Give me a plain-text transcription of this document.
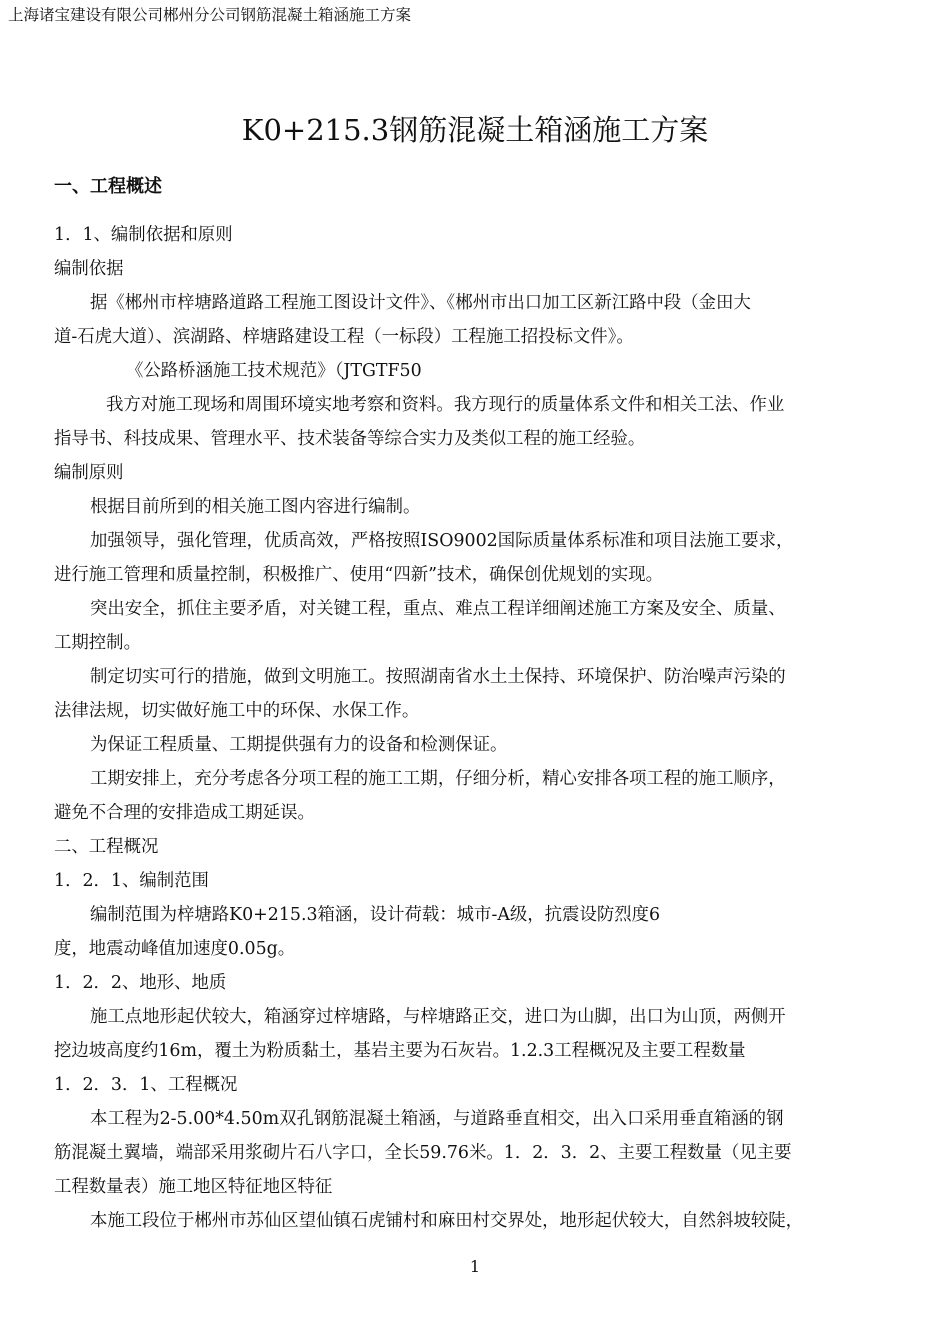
上海诸宝建设有限公司郴州分公司钢筋混凝土箱涵施工方案
K0+215.3钢筋混凝土箱涵施工方案
一、工程概述

1．1、编制依据和原则

编制依据

据《郴州市梓塘路道路工程施工图设计文件》、《郴州市出口加工区新江路中段（金田大

道-石虎大道）、滨湖路、梓塘路建设工程（一标段）工程施工招投标文件》。

《公路桥涵施工技术规范》（JTGTF50

我方对施工现场和周围环境实地考察和资料。我方现行的质量体系文件和相关工法、作业

指导书、科技成果、管理水平、技术装备等综合实力及类似工程的施工经验。

编制原则

根据目前所到的相关施工图内容进行编制。

加强领导，强化管理，优质高效，严格按照ISO9002国际质量体系标准和项目法施工要求，

进行施工管理和质量控制，积极推广、使用“四新”技术，确保创优规划的实现。

突出安全，抓住主要矛盾，对关键工程，重点、难点工程详细阐述施工方案及安全、质量、

工期控制。

制定切实可行的措施，做到文明施工。按照湖南省水土土保持、环境保护、防治噪声污染的

法律法规，切实做好施工中的环保、水保工作。

为保证工程质量、工期提供强有力的设备和检测保证。

工期安排上，充分考虑各分项工程的施工工期，仔细分析，精心安排各项工程的施工顺序，

避免不合理的安排造成工期延误。

二、工程概况

1．2．1、编制范围

编制范围为梓塘路K0+215.3箱涵，设计荷载：城市-A级，抗震设防烈度6

度，地震动峰值加速度0.05g。

1．2．2、地形、地质

施工点地形起伏较大，箱涵穿过梓塘路，与梓塘路正交，进口为山脚，出口为山顶，两侧开

挖边坡高度约16m，覆土为粉质黏土，基岩主要为石灰岩。1.2.3工程概况及主要工程数量

1．2．3．1、工程概况

本工程为2-5.00*4.50m双孔钢筋混凝土箱涵，与道路垂直相交，出入口采用垂直箱涵的钢

筋混凝土翼墙，端部采用浆砌片石八字口，全长59.76米。1．2．3．2、主要工程数量（见主要

工程数量表）施工地区特征地区特征

本施工段位于郴州市苏仙区望仙镇石虎铺村和麻田村交界处，地形起伏较大，自然斜坡较陡，

1
